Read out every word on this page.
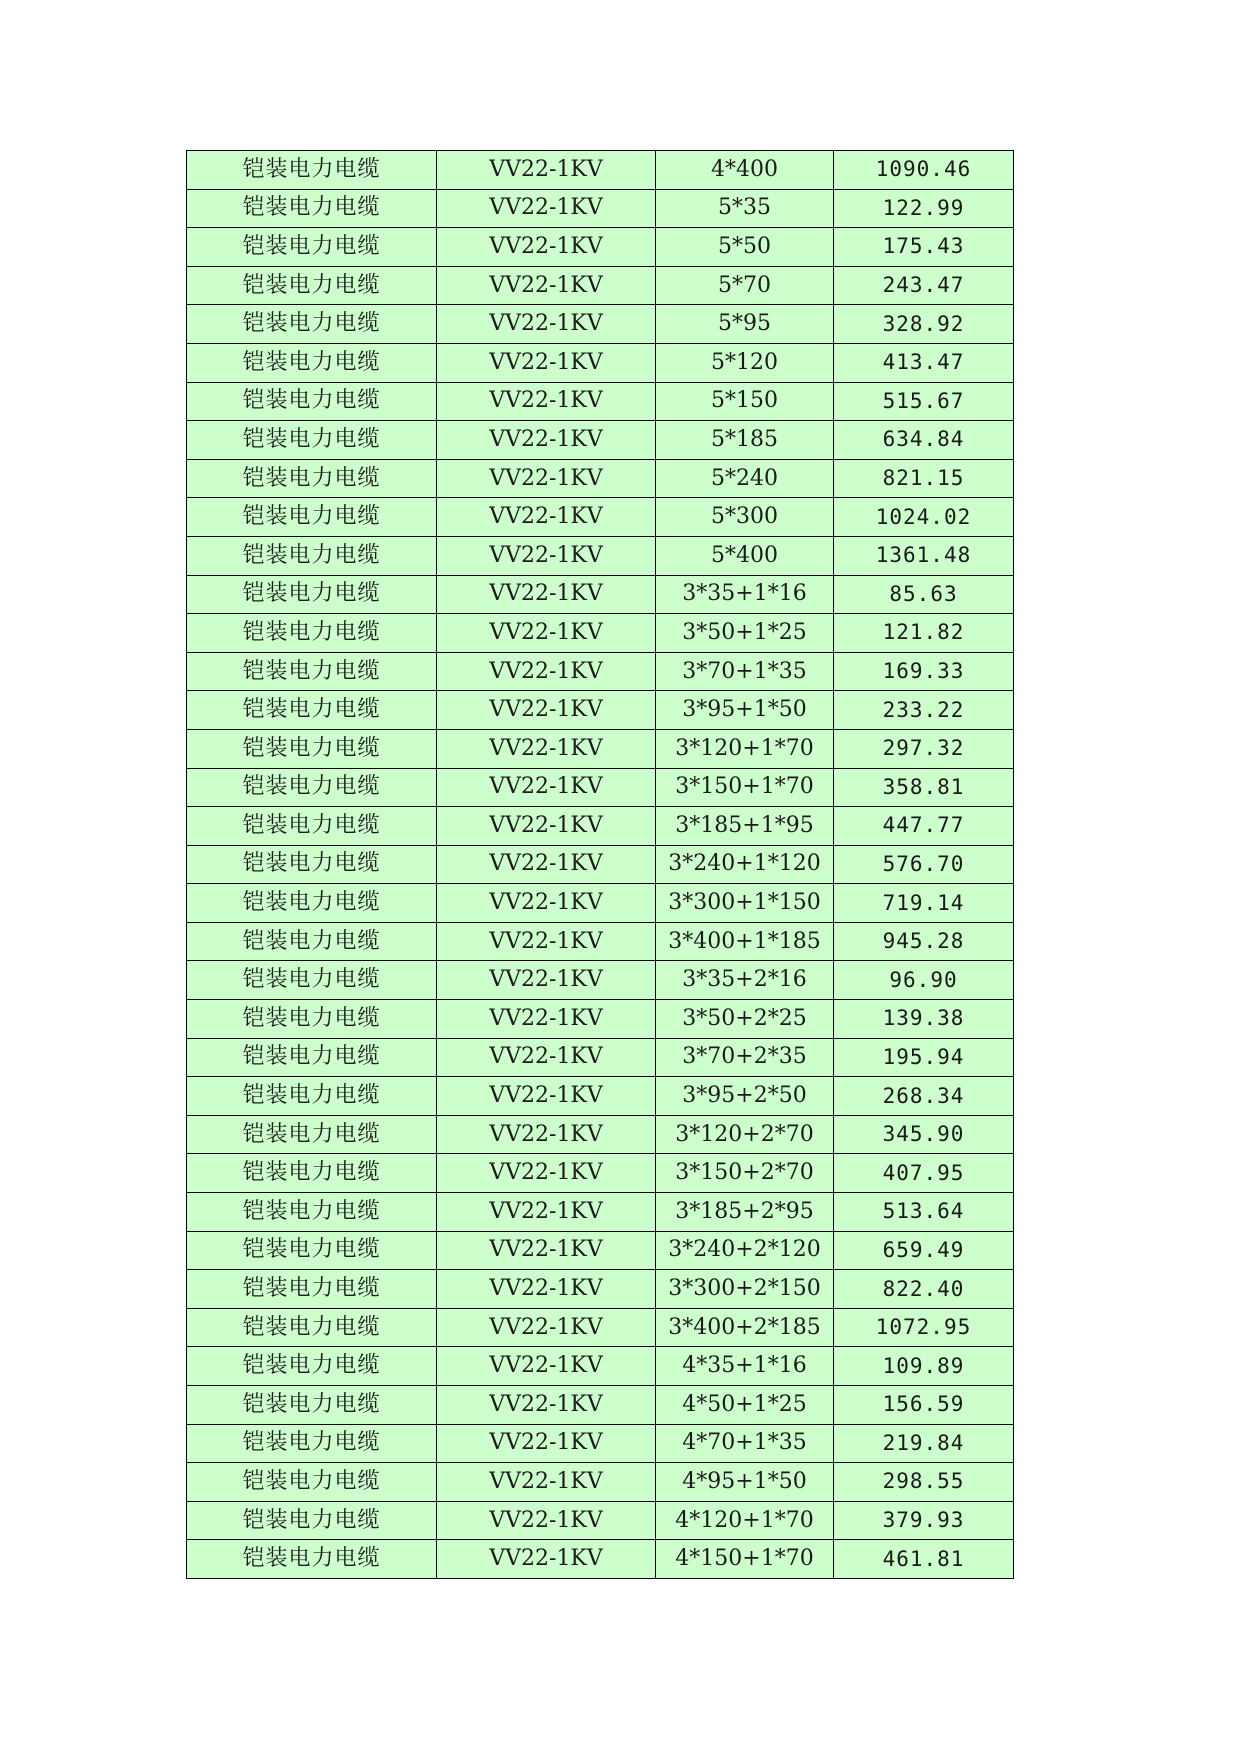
铠装电力电缆	VV22-1KV	4*400	1090.46
铠装电力电缆	VV22-1KV	5*35	122.99
铠装电力电缆	VV22-1KV	5*50	175.43
铠装电力电缆	VV22-1KV	5*70	243.47
铠装电力电缆	VV22-1KV	5*95	328.92
铠装电力电缆	VV22-1KV	5*120	413.47
铠装电力电缆	VV22-1KV	5*150	515.67
铠装电力电缆	VV22-1KV	5*185	634.84
铠装电力电缆	VV22-1KV	5*240	821.15
铠装电力电缆	VV22-1KV	5*300	1024.02
铠装电力电缆	VV22-1KV	5*400	1361.48
铠装电力电缆	VV22-1KV	3*35+1*16	85.63
铠装电力电缆	VV22-1KV	3*50+1*25	121.82
铠装电力电缆	VV22-1KV	3*70+1*35	169.33
铠装电力电缆	VV22-1KV	3*95+1*50	233.22
铠装电力电缆	VV22-1KV	3*120+1*70	297.32
铠装电力电缆	VV22-1KV	3*150+1*70	358.81
铠装电力电缆	VV22-1KV	3*185+1*95	447.77
铠装电力电缆	VV22-1KV	3*240+1*120	576.70
铠装电力电缆	VV22-1KV	3*300+1*150	719.14
铠装电力电缆	VV22-1KV	3*400+1*185	945.28
铠装电力电缆	VV22-1KV	3*35+2*16	96.90
铠装电力电缆	VV22-1KV	3*50+2*25	139.38
铠装电力电缆	VV22-1KV	3*70+2*35	195.94
铠装电力电缆	VV22-1KV	3*95+2*50	268.34
铠装电力电缆	VV22-1KV	3*120+2*70	345.90
铠装电力电缆	VV22-1KV	3*150+2*70	407.95
铠装电力电缆	VV22-1KV	3*185+2*95	513.64
铠装电力电缆	VV22-1KV	3*240+2*120	659.49
铠装电力电缆	VV22-1KV	3*300+2*150	822.40
铠装电力电缆	VV22-1KV	3*400+2*185	1072.95
铠装电力电缆	VV22-1KV	4*35+1*16	109.89
铠装电力电缆	VV22-1KV	4*50+1*25	156.59
铠装电力电缆	VV22-1KV	4*70+1*35	219.84
铠装电力电缆	VV22-1KV	4*95+1*50	298.55
铠装电力电缆	VV22-1KV	4*120+1*70	379.93
铠装电力电缆	VV22-1KV	4*150+1*70	461.81
